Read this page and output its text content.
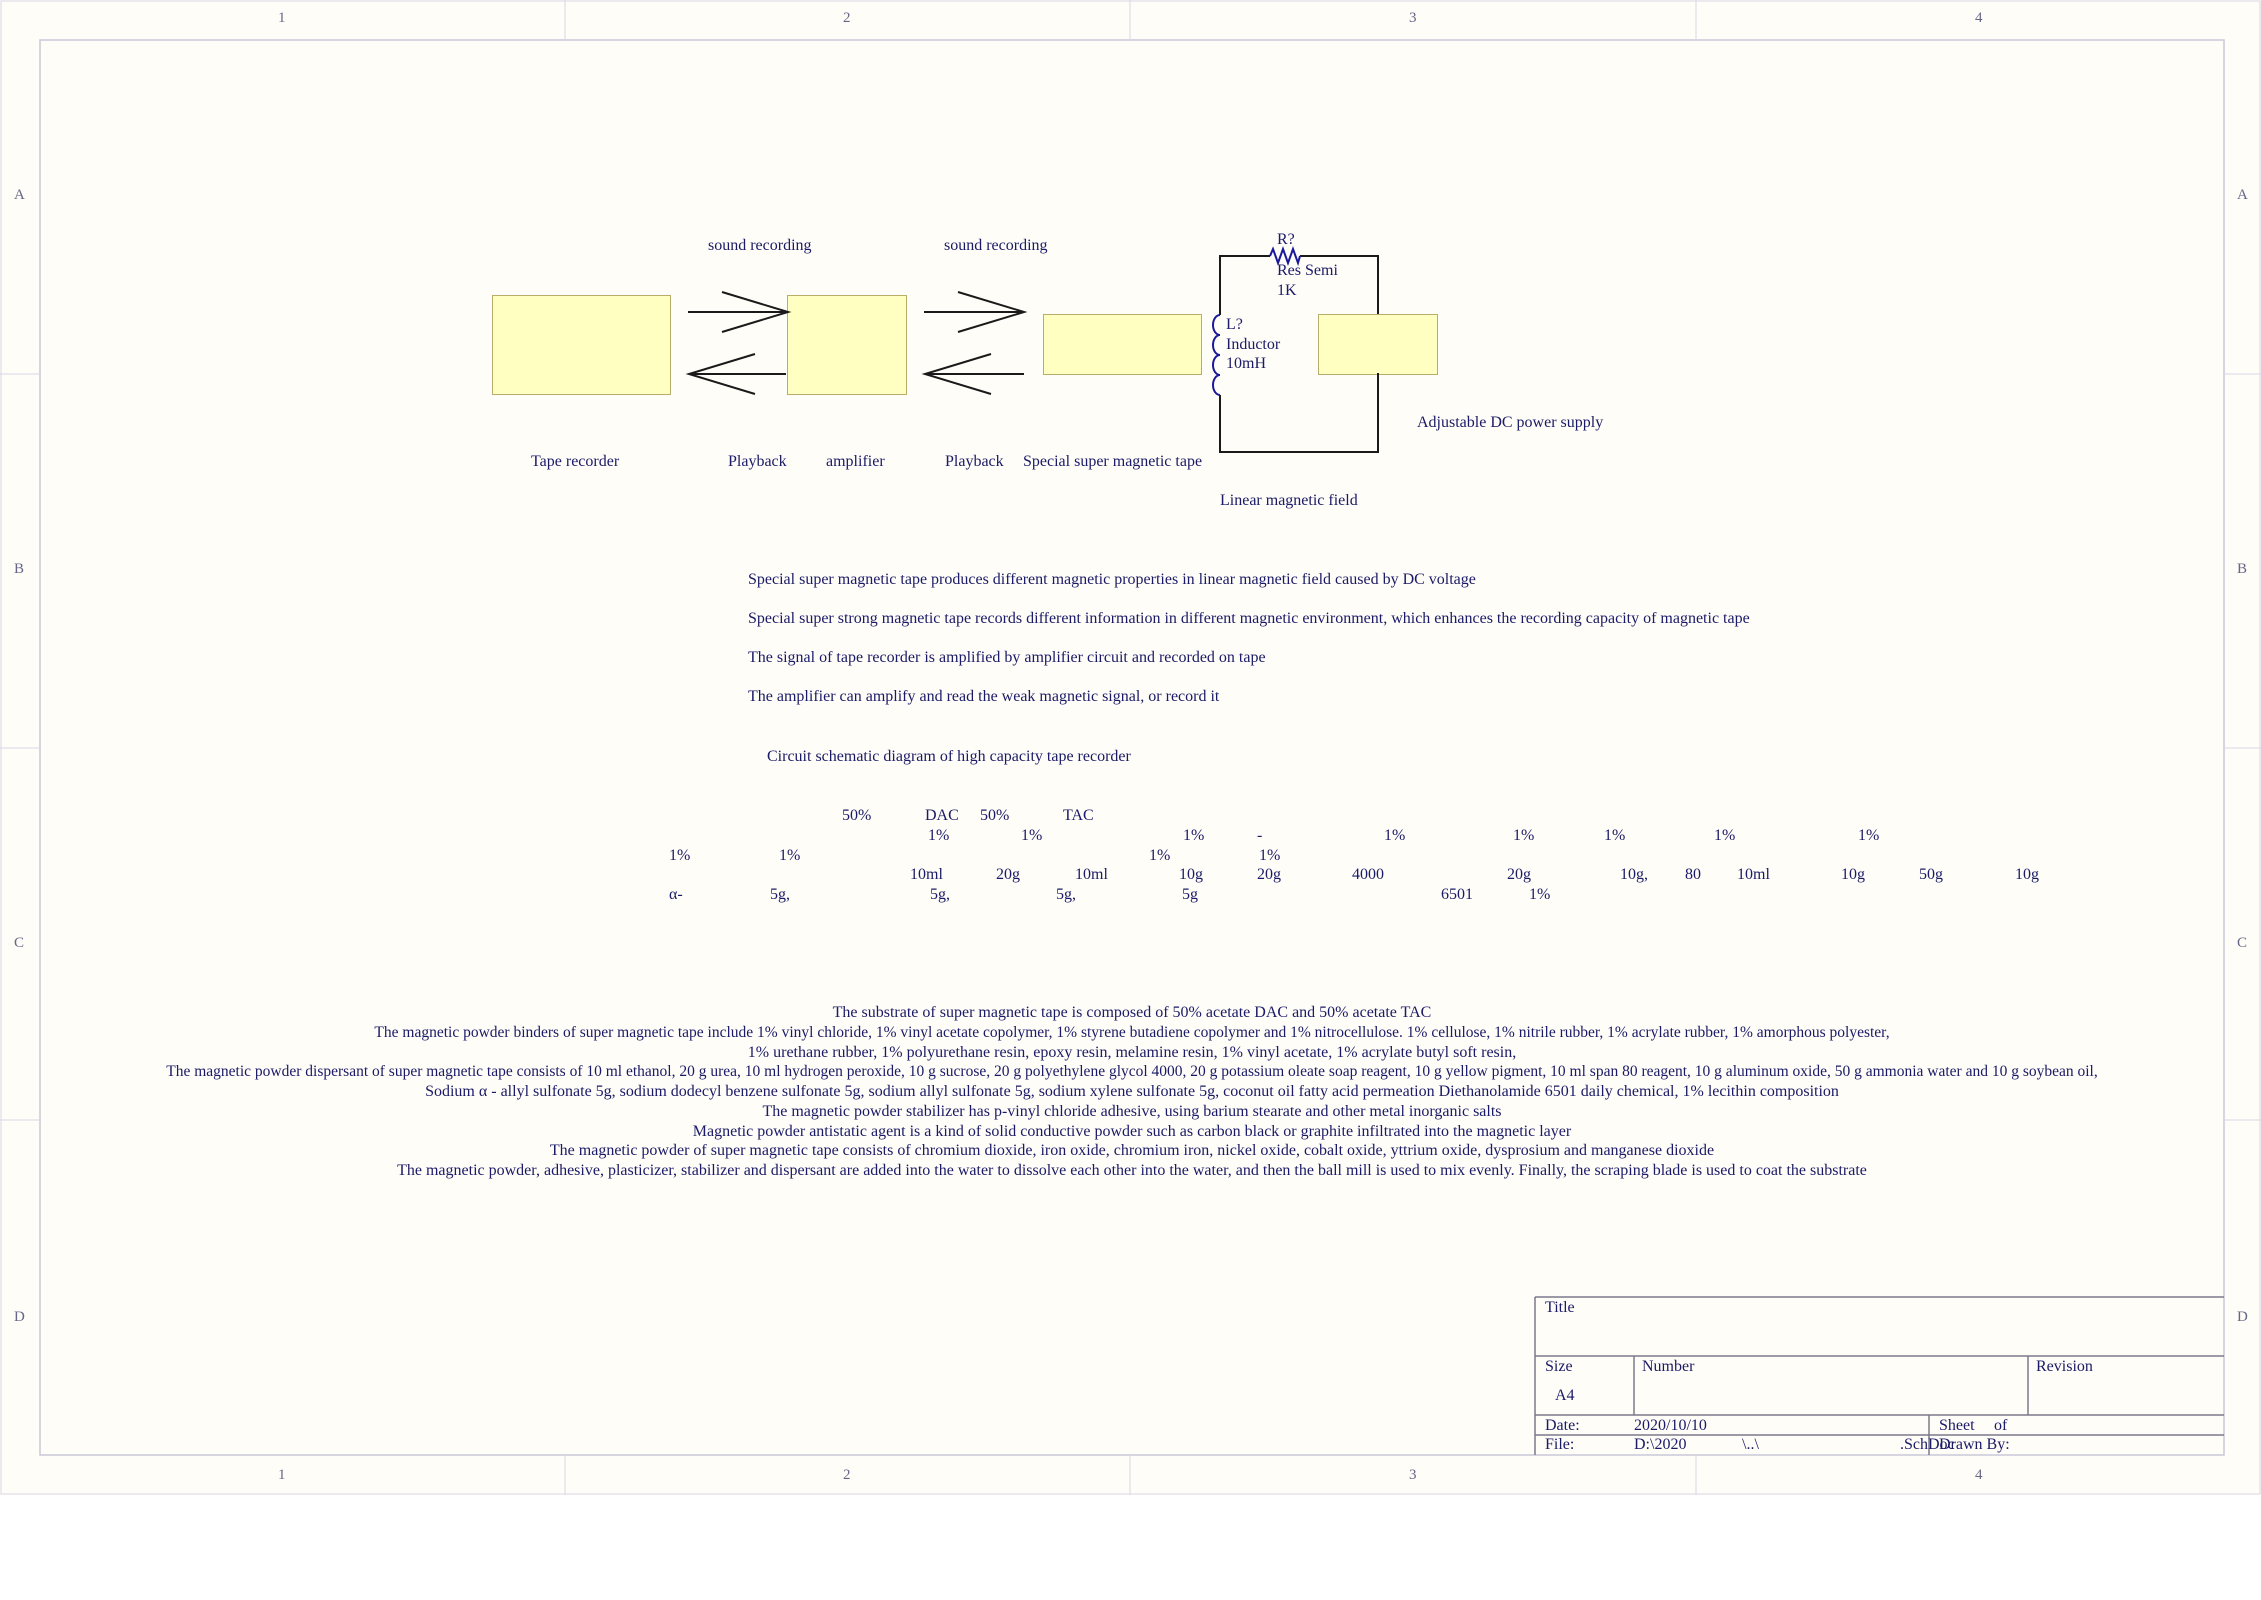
1	2	3	4
1	2	3	4
A
B
C
D
A
B
C
D
sound recording	sound recording	R?
Res Semi
1K
L?
Inductor
10mH
Adjustable DC power supply
Tape recorder	Playback amplifier	Playback Special super magnetic tape
Linear magnetic field
Special super magnetic tape produces different magnetic properties in linear magnetic field caused by DC voltage
Special super strong magnetic tape records different information in different magnetic environment, which enhances the recording capacity of magnetic tape
The signal of tape recorder is amplified by amplifier circuit and recorded on tape
The amplifier can amplify and read the weak magnetic signal, or record it
Circuit schematic diagram of high capacity tape recorder
50%	DAC 50%	TAC
1%	1%	1%	-	1%	1%	1%	1%	1%
1%	1%	1%	1%
10ml	20g	10ml	10g	20g	4000	20g	10g, 80 10ml	10g	50g	10g
α-	5g,	5g,	5g,	5g	6501	1%
The substrate of super magnetic tape is composed of 50% acetate DAC and 50% acetate TAC
The magnetic powder binders of super magnetic tape include 1% vinyl chloride, 1% vinyl acetate copolymer, 1% styrene butadiene copolymer and 1% nitrocellulose. 1% cellulose, 1% nitrile rubber, 1% acrylate rubber, 1% amorphous polyester,
1% urethane rubber, 1% polyurethane resin, epoxy resin, melamine resin, 1% vinyl acetate, 1% acrylate butyl soft resin,
The magnetic powder dispersant of super magnetic tape consists of 10 ml ethanol, 20 g urea, 10 ml hydrogen peroxide, 10 g sucrose, 20 g polyethylene glycol 4000, 20 g potassium oleate soap reagent, 10 g yellow pigment, 10 ml span 80 reagent, 10 g aluminum oxide, 50 g ammonia water and 10 g soybean oil,
Sodium α - allyl sulfonate 5g, sodium dodecyl benzene sulfonate 5g, sodium allyl sulfonate 5g, sodium xylene sulfonate 5g, coconut oil fatty acid permeation Diethanolamide 6501 daily chemical, 1% lecithin composition
The magnetic powder stabilizer has p-vinyl chloride adhesive, using barium stearate and other metal inorganic salts
Magnetic powder antistatic agent is a kind of solid conductive powder such as carbon black or graphite infiltrated into the magnetic layer
The magnetic powder of super magnetic tape consists of chromium dioxide, iron oxide, chromium iron, nickel oxide, cobalt oxide, yttrium oxide, dysprosium and manganese dioxide
The magnetic powder, adhesive, plasticizer, stabilizer and dispersant are added into the water to dissolve each other into the water, and then the ball mill is used to mix evenly. Finally, the scraping blade is used to coat the substrate
Title
Size
A4
Number	Revision
Date:	2020/10/10	Sheet of
File:	D:\2020	\..\	.SchDoc
Drawn By:
